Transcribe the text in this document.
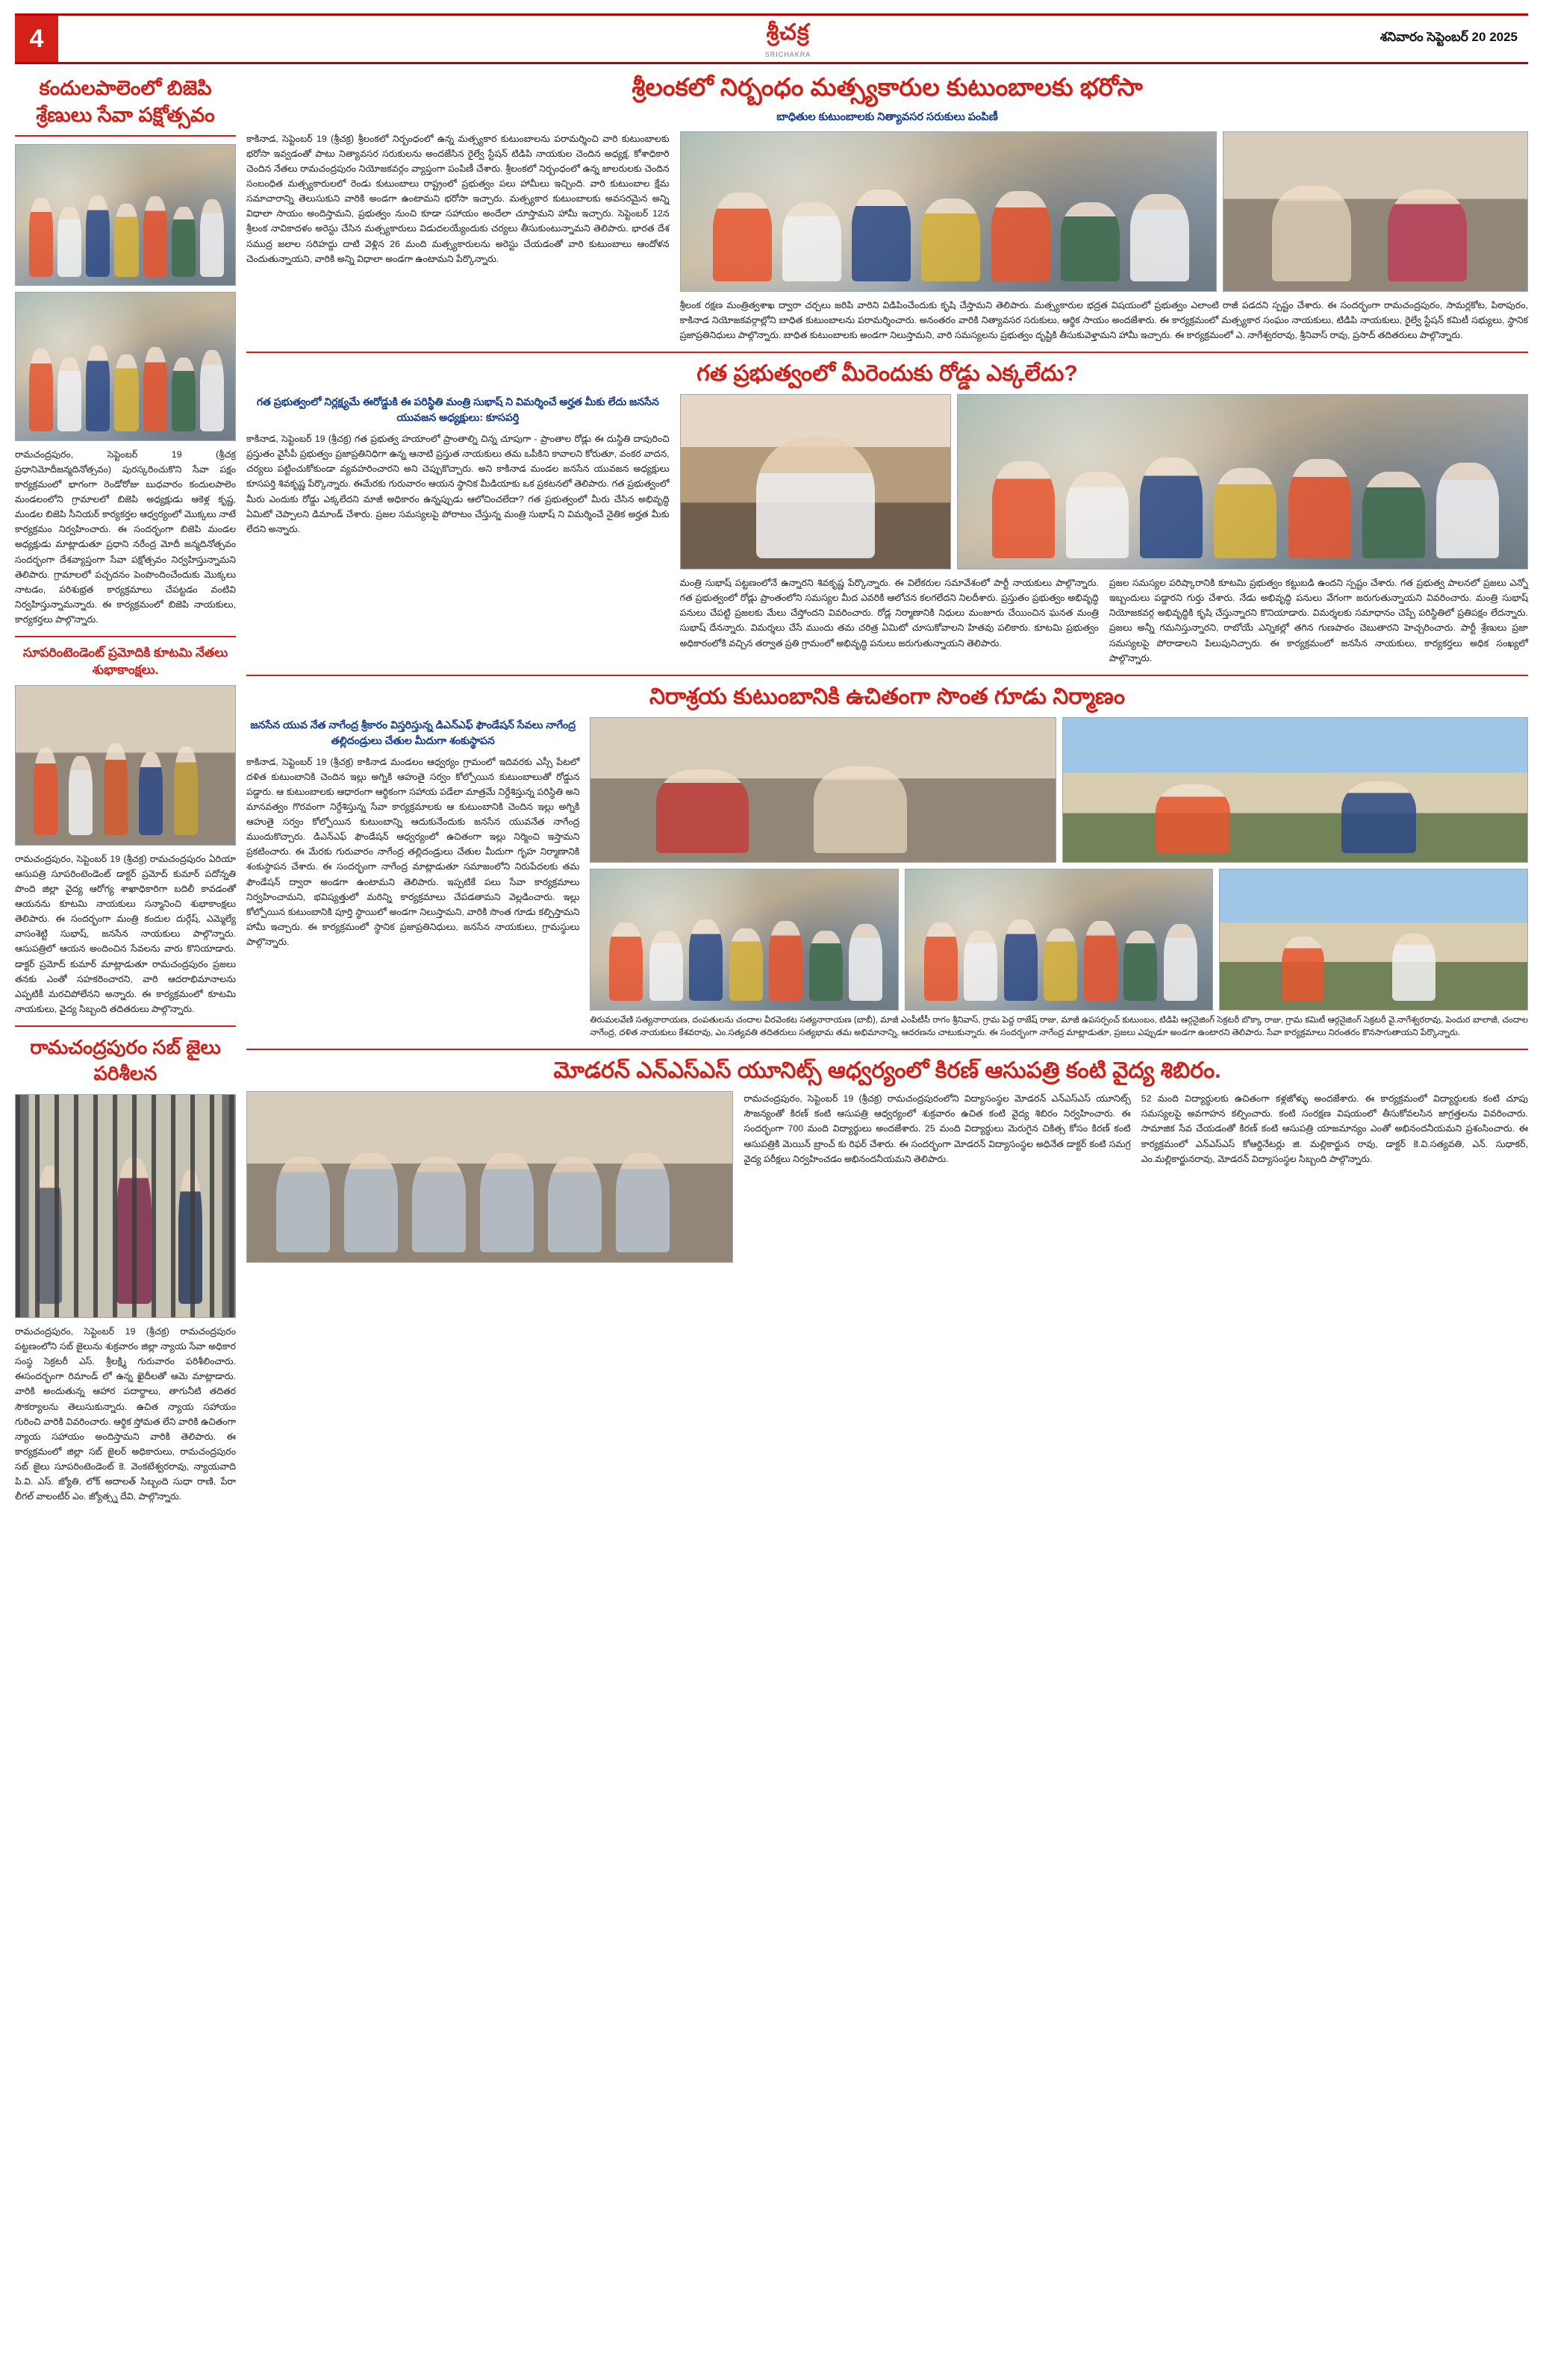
4	శ్రీచక్ర
SRICHAKRA
శనివారం సెప్టెంబర్ 20 2025
కందులపాలెంలో బిజెపి శ్రేణులు సేవా పక్షోత్సవం
రామచంద్రపురం, సెప్టెంబర్ 19 (శ్రీచక్ర ప్రధానిమోదీజన్మదినోత్సవం) పురస్కరించుకొని సేవా పక్షం కార్యక్రమంలో భాగంగా రెండోరోజు బుధవారం కందులపాలెం మండలంలోని గ్రామాలలో బిజెపి అధ్యక్షుడు ఆకెళ్ల కృష్ణ, మండల బిజెపి సీనియర్ కార్యకర్తల ఆధ్వర్యంలో మొక్కలు నాటే కార్యక్రమం నిర్వహించారు. ఈ సందర్భంగా బిజెపి మండల అధ్యక్షుడు మాట్లాడుతూ ప్రధాని నరేంద్ర మోదీ జన్మదినోత్సవం సందర్భంగా దేశవ్యాప్తంగా సేవా పక్షోత్సవం నిర్వహిస్తున్నామని తెలిపారు. గ్రామాలలో పచ్చదనం పెంపొందించేందుకు మొక్కలు నాటడం, పరిశుభ్రత కార్యక్రమాలు చేపట్టడం వంటివి నిర్వహిస్తున్నామన్నారు. ఈ కార్యక్రమంలో బిజెపి నాయకులు, కార్యకర్తలు పాల్గొన్నారు.
సూపరింటెండెంట్ ప్రమోదికి కూటమి నేతలు శుభాకాంక్షలు.
రామచంద్రపురం, సెప్టెంబర్ 19 (శ్రీచక్ర) రామచంద్రపురం ఏరియా ఆసుపత్రి సూపరింటెండెంట్ డాక్టర్ ప్రమోద్ కుమార్ పదోన్నతి పొంది జిల్లా వైద్య ఆరోగ్య శాఖాధికారిగా బదిలీ కావడంతో ఆయనను కూటమి నాయకులు సన్మానించి శుభాకాంక్షలు తెలిపారు. ఈ సందర్భంగా మంత్రి కందుల దుర్గేష్, ఎమ్మెల్యే వాసంశెట్టి సుభాష్, జనసేన నాయకులు పాల్గొన్నారు. ఆసుపత్రిలో ఆయన అందించిన సేవలను వారు కొనియాడారు. డాక్టర్ ప్రమోద్ కుమార్ మాట్లాడుతూ రామచంద్రపురం ప్రజలు తనకు ఎంతో సహకరించారని, వారి ఆదరాభిమానాలను ఎప్పటికీ మరచిపోలేనని అన్నారు. ఈ కార్యక్రమంలో కూటమి నాయకులు, వైద్య సిబ్బంది తదితరులు పాల్గొన్నారు.
రామచంద్రపురం సబ్ జైలు పరిశీలన
రామచంద్రపురం, సెప్టెంబర్ 19 (శ్రీచక్ర) రామచంద్రపురం పట్టణంలోని సబ్ జైలును శుక్రవారం జిల్లా న్యాయ సేవా అధికార సంస్థ సెక్రటరీ ఎస్. శ్రీలక్ష్మి గురువారం పరిశీలించారు. ఈసందర్భంగా రిమాండ్ లో ఉన్న ఖైదీలతో ఆమె మాట్లాడారు. వారికి అందుతున్న ఆహార పదార్థాలు, తాగునీటి తదితర సౌకర్యాలను తెలుసుకున్నారు. ఉచిత న్యాయ సహాయం గురించి వారికి వివరించారు. ఆర్థిక స్తోమత లేని వారికి ఉచితంగా న్యాయ సహాయం అందిస్తామని వారికి తెలిపారు. ఈ కార్యక్రమంలో జిల్లా సబ్ జైలర్ అధికారులు, రామచంద్రపురం సబ్ జైలు సూపరింటెండెంట్ కె. వెంకటేశ్వరరావు, న్యాయవాది పి.వి. ఎస్. జ్యోతి, లోక్ అదాలత్ సిబ్బంది సుధా రాణి, పేరా లీగల్ వాలంటీర్ ఎం. జ్యోత్స్న దేవి, పాల్గొన్నారు.
శ్రీలంకలో నిర్బంధం మత్స్యకారుల కుటుంబాలకు భరోసా
బాధితుల కుటుంబాలకు నిత్యావసర సరుకులు పంపిణీ
కాకినాడ, సెప్టెంబర్ 19 (శ్రీచక్ర) శ్రీలంకలో నిర్బంధంలో ఉన్న మత్స్యకార కుటుంబాలను పరామర్శించి వారి కుటుంబాలకు భరోసా ఇవ్వడంతో పాటు నిత్యావసర సరుకులను అందజేసిన రైల్వే స్టేషన్ టిడిపి నాయకుల చెందిన అధ్యక్ష, కోశాధికారి చెందిన నేతలు రామచంద్రపురం నియోజకవర్గం వ్యాప్తంగా పంపిణీ చేశారు. శ్రీలంకలో నిర్బంధంలో ఉన్న జాలరులకు చెందిన సంబంధిత మత్స్యకారులలో రెండు కుటుంబాలు రాష్ట్రంలో ప్రభుత్వం పలు హామీలు ఇచ్చింది. వారి కుటుంబాల క్షేమ సమాచారాన్ని తెలుసుకుని వారికి అండగా ఉంటామని భరోసా ఇచ్చారు. మత్స్యకార కుటుంబాలకు అవసరమైన అన్ని విధాలా సాయం అందిస్తామని, ప్రభుత్వం నుంచి కూడా సహాయం అందేలా చూస్తామని హామీ ఇచ్చారు. సెప్టెంబర్ 12న శ్రీలంక నావికాదళం అరెస్టు చేసిన మత్స్యకారులు విడుదలయ్యేందుకు చర్యలు తీసుకుంటున్నామని తెలిపారు. భారత దేశ సముద్ర జలాల సరిహద్దు దాటి వెళ్లిన 26 మంది మత్స్యకారులను అరెస్టు చేయడంతో వారి కుటుంబాలు ఆందోళన చెందుతున్నాయని, వారికి అన్ని విధాలా అండగా ఉంటామని పేర్కొన్నారు.
శ్రీలంక రక్షణ మంత్రిత్వశాఖ ద్వారా చర్చలు జరిపి వారిని విడిపించేందుకు కృషి చేస్తామని తెలిపారు. మత్స్యకారుల భద్రత విషయంలో ప్రభుత్వం ఎలాంటి రాజీ పడదని స్పష్టం చేశారు. ఈ సందర్భంగా రామచంద్రపురం, సామర్లకోట, పిఠాపురం, కాకినాడ నియోజకవర్గాల్లోని బాధిత కుటుంబాలను పరామర్శించారు. అనంతరం వారికి నిత్యావసర సరుకులు, ఆర్థిక సాయం అందజేశారు. ఈ కార్యక్రమంలో మత్స్యకార సంఘం నాయకులు, టిడిపి నాయకులు, రైల్వే స్టేషన్ కమిటీ సభ్యులు, స్థానిక ప్రజాప్రతినిధులు పాల్గొన్నారు. బాధిత కుటుంబాలకు అండగా నిలుస్తామని, వారి సమస్యలను ప్రభుత్వం దృష్టికి తీసుకువెళ్తామని హామీ ఇచ్చారు. ఈ కార్యక్రమంలో ఎ. నాగేశ్వరరావు, శ్రీనివాస్ రావు, ప్రసాద్ తదితరులు పాల్గొన్నారు.
గత ప్రభుత్వంలో మీరెందుకు రోడ్డు ఎక్కలేదు?
గత ప్రభుత్వంలో నిర్లక్ష్యమే ఈరోడ్డుకి ఈ పరిస్థితి మంత్రి సుభాష్ ని విమర్శించే అర్హత మీకు లేదు జనసేన యువజన అధ్యక్షులు: కూసపర్తి
కాకినాడ, సెప్టెంబర్ 19 (శ్రీచక్ర) గత ప్రభుత్వ హయాంలో ప్రాంతాల్ని చిన్న చూపుగా - ప్రాంతాల రోడ్లు ఈ దుస్థితి దాపురించి ప్రస్తుతం వైసీపీ ప్రభుత్వం ప్రజాప్రతినిధిగా ఉన్న ఆనాటి ప్రస్తుత నాయకులు తమ ఒపీకిని కావాలని కోరుతూ, వంకర వాదన, చర్యలు పట్టించుకోకుండా వ్యవహరించారని అని చెప్పుకొచ్చారు. అని కాకినాడ మండల జనసేన యువజన అధ్యక్షులు కూసపర్తి శివకృష్ణ పేర్కొన్నారు. ఈమేరకు గురువారం ఆయన స్థానిక మీడియాకు ఒక ప్రకటనలో తెలిపారు. గత ప్రభుత్వంలో మీరు ఎందుకు రోడ్డు ఎక్కలేదని మాజీ అధికారం ఉన్నప్పుడు ఆలోచించలేదా? గత ప్రభుత్వంలో మీరు చేసిన అభివృద్ధి ఏమిటో చెప్పాలని డిమాండ్ చేశారు. ప్రజల సమస్యలపై పోరాటం చేస్తున్న మంత్రి సుభాష్ ని విమర్శించే నైతిక అర్హత మీకు లేదని అన్నారు.
మంత్రి సుభాష్ పట్టణంలోనే ఉన్నారని శివకృష్ణ పేర్కొన్నారు. ఈ విలేకరుల సమావేశంలో పార్టీ నాయకులు పాల్గొన్నారు. గత ప్రభుత్వంలో రోడ్లు ప్రాంతంలోని సమస్యల మీద ఎవరికి ఆలోచన కలగలేదని నిలదీశారు. ప్రస్తుతం ప్రభుత్వం అభివృద్ధి పనులు చేపట్టి ప్రజలకు మేలు చేస్తోందని వివరించారు. రోడ్ల నిర్మాణానికి నిధులు మంజూరు చేయించిన ఘనత మంత్రి సుభాష్ దేనన్నారు. విమర్శలు చేసే ముందు తమ చరిత్ర ఏమిటో చూసుకోవాలని హితవు పలికారు. కూటమి ప్రభుత్వం అధికారంలోకి వచ్చిన తర్వాత ప్రతి గ్రామంలో అభివృద్ధి పనులు జరుగుతున్నాయని తెలిపారు.
ప్రజల సమస్యల పరిష్కారానికి కూటమి ప్రభుత్వం కట్టుబడి ఉందని స్పష్టం చేశారు. గత ప్రభుత్వ పాలనలో ప్రజలు ఎన్నో ఇబ్బందులు పడ్డారని గుర్తు చేశారు. నేడు అభివృద్ధి పనులు వేగంగా జరుగుతున్నాయని వివరించారు. మంత్రి సుభాష్ నియోజకవర్గ అభివృద్ధికి కృషి చేస్తున్నారని కొనియాడారు. విమర్శలకు సమాధానం చెప్పే పరిస్థితిలో ప్రతిపక్షం లేదన్నారు. ప్రజలు అన్నీ గమనిస్తున్నారని, రాబోయే ఎన్నికల్లో తగిన గుణపాఠం చెబుతారని హెచ్చరించారు. పార్టీ శ్రేణులు ప్రజా సమస్యలపై పోరాడాలని పిలుపునిచ్చారు. ఈ కార్యక్రమంలో జనసేన నాయకులు, కార్యకర్తలు అధిక సంఖ్యలో పాల్గొన్నారు.
నిరాశ్రయ కుటుంబానికి ఉచితంగా సొంత గూడు నిర్మాణం
జనసేన యువ నేత నాగేంద్ర శ్రీకారం విస్తరిస్తున్న డిఎన్ఎఫ్ ఫౌండేషన్ సేవలు నాగేంద్ర తల్లిదండ్రులు చేతుల మీదుగా శంకుస్థాపన
కాకినాడ, సెప్టెంబర్ 19 (శ్రీచక్ర) కాకినాడ మండలం ఆధ్వర్యం గ్రామంలో ఇదివరకు ఎస్సీ పేటలో దళిత కుటుంబానికి చెందిన ఇల్లు అగ్నికి ఆహుతై సర్వం కోల్పోయిన కుటుంబాలుతో రోడ్డున పడ్డారు. ఆ కుటుంబాలకు ఆధారంగా ఆర్థికంగా సహాయ పడేలా మాత్రమే నిర్దేశిస్తున్న పరిస్థితి అని మానవత్వం గొరవంగా నిర్దేశిస్తున్న సేవా కార్యక్రమాలకు ఆ కుటుంబానికి చెందిన ఇల్లు అగ్నికి ఆహుతై సర్వం కోల్పోయిన కుటుంబాన్ని ఆదుకునేందుకు జనసేన యువనేత నాగేంద్ర ముందుకొచ్చారు. డిఎన్ఎఫ్ ఫౌండేషన్ ఆధ్వర్యంలో ఉచితంగా ఇల్లు నిర్మించి ఇస్తామని ప్రకటించారు. ఈ మేరకు గురువారం నాగేంద్ర తల్లిదండ్రులు చేతుల మీదుగా గృహ నిర్మాణానికి శంకుస్థాపన చేశారు. ఈ సందర్భంగా నాగేంద్ర మాట్లాడుతూ సమాజంలోని నిరుపేదలకు తమ ఫౌండేషన్ ద్వారా అండగా ఉంటామని తెలిపారు. ఇప్పటికే పలు సేవా కార్యక్రమాలు నిర్వహించామని, భవిష్యత్తులో మరిన్ని కార్యక్రమాలు చేపడతామని వెల్లడించారు. ఇల్లు కోల్పోయిన కుటుంబానికి పూర్తి స్థాయిలో అండగా నిలుస్తామని, వారికి సొంత గూడు కల్పిస్తామని హామీ ఇచ్చారు. ఈ కార్యక్రమంలో స్థానిక ప్రజాప్రతినిధులు, జనసేన నాయకులు, గ్రామస్థులు పాల్గొన్నారు.
తిరుమలవేణి సత్యనారాయణ, దంపతులను చందాల వీరవెంకట సత్యనారాయణ (బాబీ), మాజీ ఎంపీటీసీ రాగం శ్రీనివాస్, గ్రామ పెద్ద రాజేష్ రాజు, మాజీ ఉపసర్పంచ్ కుటుంబం, టిడిపి ఆర్గనైజింగ్ సెక్రటరీ బొక్కా రాజు, గ్రామ కమిటీ ఆర్గనైజింగ్ సెక్రటరీ వై.నాగేశ్వరరావు, పెందుర బాలాజీ, చందాల నాగేంద్ర, దళిత నాయకులు కేశవరావు, ఎం.సత్యవతి తదితరులు సత్యభామ తమ అభిమానాన్ని, ఆదరణను చాటుకున్నారు. ఈ సందర్భంగా నాగేంద్ర మాట్లాడుతూ, ప్రజలు ఎప్పుడూ అండగా ఉంటారని తెలిపారు. సేవా కార్యక్రమాలు నిరంతరం కొనసాగుతాయని పేర్కొన్నారు.
మోడరన్ ఎన్ఎస్ఎస్ యూనిట్స్ ఆధ్వర్యంలో కిరణ్ ఆసుపత్రి కంటి వైద్య శిబిరం.
రామచంద్రపురం, సెప్టెంబర్ 19 (శ్రీచక్ర) రామచంద్రపురంలోని విద్యాసంస్థల మోడరన్ ఎన్ఎస్ఎస్ యూనిట్స్ సౌజన్యంతో కిరణ్ కంటి ఆసుపత్రి ఆధ్వర్యంలో శుక్రవారం ఉచిత కంటి వైద్య శిబిరం నిర్వహించారు. ఈ సందర్భంగా 700 మంది విద్యార్థులు అందజేశారు. 25 మంది విద్యార్థులు మెరుగైన చికిత్స కోసం కిరణ్ కంటి ఆసుపత్రికి మెయిన్ బ్రాంచ్ కు రిఫర్ చేశారు. ఈ సందర్భంగా మోడరన్ విద్యాసంస్థల అధినేత డాక్టర్ కంటి సమగ్ర వైద్య పరీక్షలు నిర్వహించడం అభినందనీయమని తెలిపారు.
52 మంది విద్యార్థులకు ఉచితంగా కళ్లజోళ్ళు అందజేశారు. ఈ కార్యక్రమంలో విద్యార్థులకు కంటి చూపు సమస్యలపై అవగాహన కల్పించారు. కంటి సంరక్షణ విషయంలో తీసుకోవలసిన జాగ్రత్తలను వివరించారు. సామాజిక సేవ చేయడంతో కిరణ్ కంటి ఆసుపత్రి యాజమాన్యం ఎంతో అభినందనీయమని ప్రశంసించారు. ఈ కార్యక్రమంలో ఎన్ఎస్ఎస్ కోఆర్డినేటర్లు జి. మల్లికార్జున రావు, డాక్టర్ కె.వి.సత్యవతి, ఎన్. సుధాకర్, ఎం.మల్లికార్జునరావు, మోడరన్ విద్యాసంస్థల సిబ్బంది పాల్గొన్నారు.
